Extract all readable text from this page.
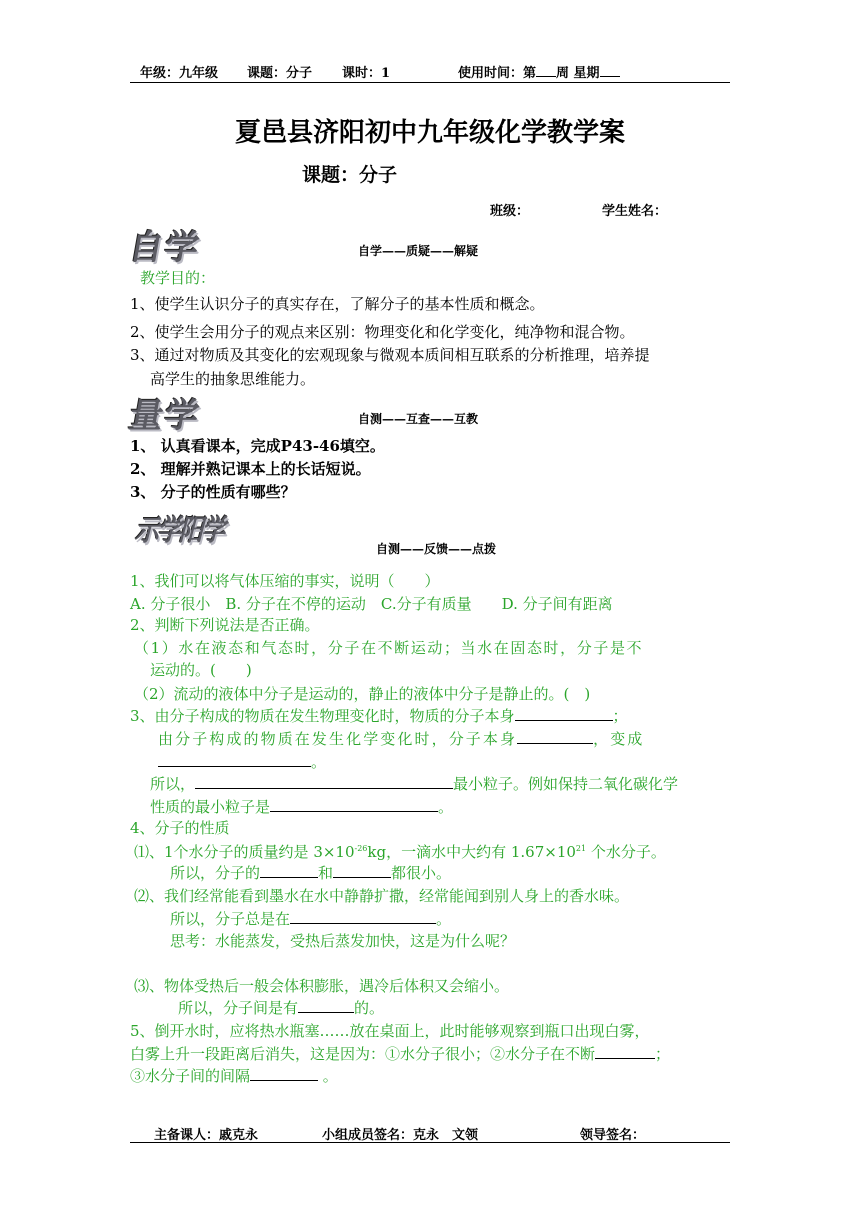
年级：九年级 课题：分子 课时：1	使用时间：第 周 星期
夏邑县济阳初中九年级化学教学案
课题：分子
班级：	学生姓名：
自学	自学——质疑——解疑
教学目的：
1、使学生认识分子的真实存在，了解分子的基本性质和概念。
2、使学生会用分子的观点来区别：物理变化和化学变化，纯净物和混合物。
3、通过对物质及其变化的宏观现象与微观本质间相互联系的分析推理，培养提
高学生的抽象思维能力。
量学	自测——互查——互教
1、 认真看课本，完成P43-46填空。
2、 理解并熟记课本上的长话短说。
3、 分子的性质有哪些？
示学阳学
自测——反馈——点拨
1、我们可以将气体压缩的事实，说明（　　）
A. 分子很小　B. 分子在不停的运动　C.分子有质量　　D. 分子间有距离
2、判断下列说法是否正确。
（1）水在液态和气态时，分子在不断运动；当水在固态时，分子是不
运动的。(　　)
（2）流动的液体中分子是运动的，静止的液体中分子是静止的。(　)
3、由分子构成的物质在发生物理变化时，物质的分子本身	；
由分子构成的物质在发生化学变化时，分子本身	，变成
。
所以，	最小粒子。例如保持二氧化碳化学
性质的最小粒子是	。
4、分子的性质
⑴、1个水分子的质量约是 $3\times 10^{-26}kg$，一滴水中大约有 $1.67\times 10^{21}$ 个水分子。
所以，分子的	和	都很小。
⑵、我们经常能看到墨水在水中静静扩撒，经常能闻到别人身上的香水味。
所以，分子总是在	。
思考：水能蒸发，受热后蒸发加快，这是为什么呢？
⑶、物体受热后一般会体积膨胀，遇冷后体积又会缩小。
所以，分子间是有	的。
5、倒开水时，应将热水瓶塞……放在桌面上，此时能够观察到瓶口出现白雾，
白雾上升一段距离后消失，这是因为：①水分子很小；②水分子在不断	；
③水分子间的间隔	。
主备课人：戚克永	小组成员签名：克永　文领	领导签名：
